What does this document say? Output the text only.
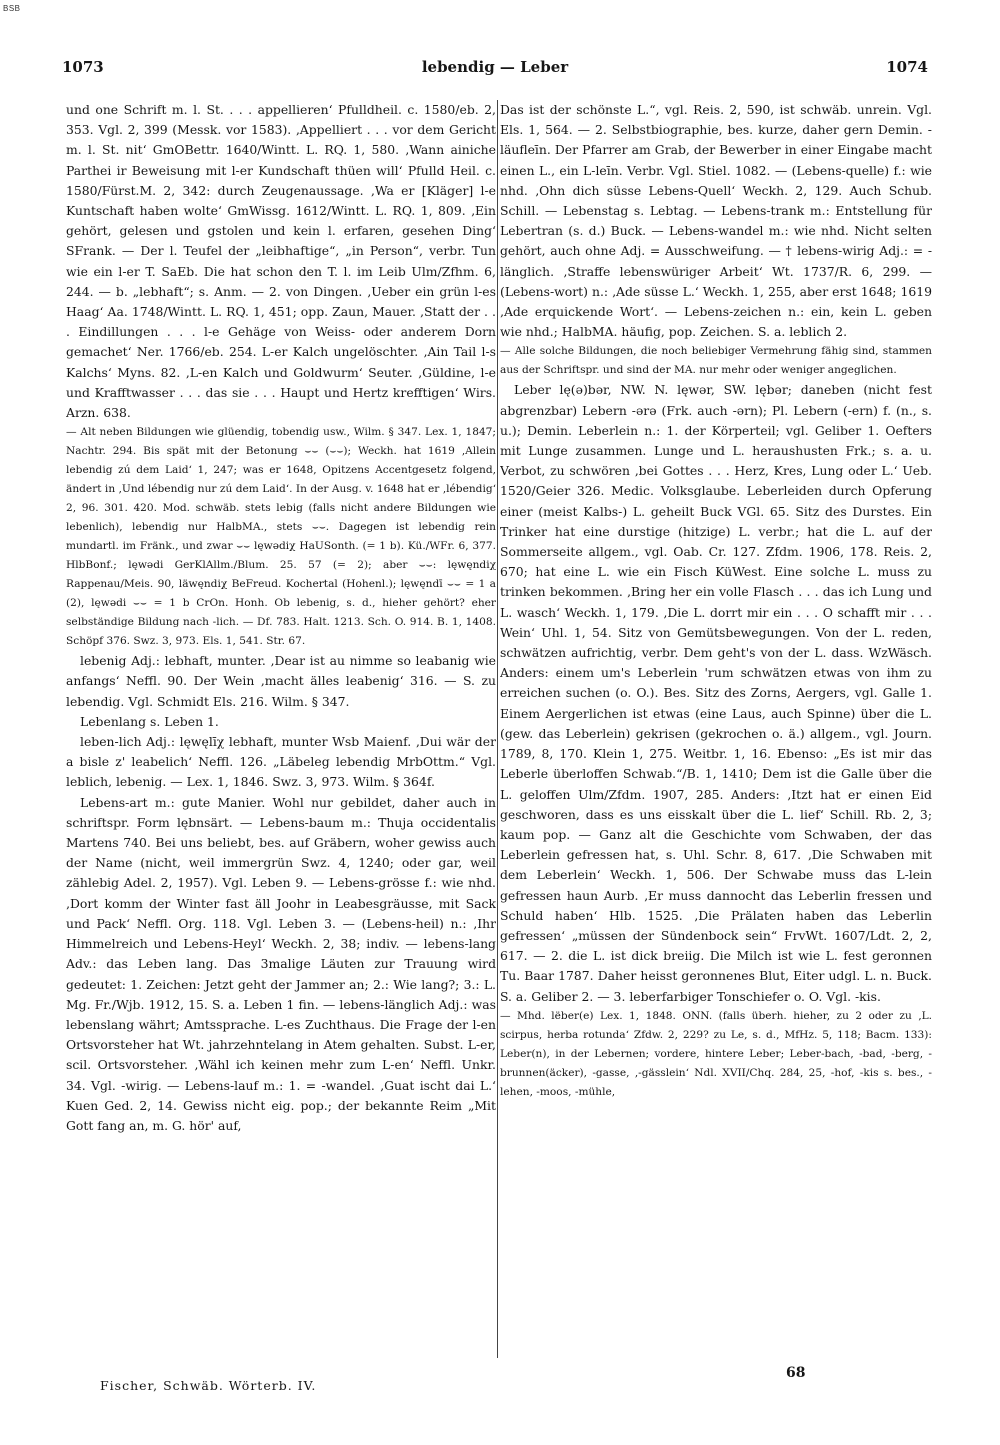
BSB
1073	lebendig — Leber	1074

und one Schrift m. l. St. . . . appellieren‘ Pfulldheil. c. 1580/eb. 2, 353. Vgl. 2, 399 (Messk. vor 1583). ‚Appelliert . . . vor dem Gericht m. l. St. nit‘ GmOBettr. 1640/Wintt. L. RQ. 1, 580. ‚Wann ainiche Parthei ir Beweisung mit l-er Kundschaft thüen will‘ Pfulld Heil. c. 1580/Fürst.M. 2, 342: durch Zeugenaussage. ‚Wa er [Kläger] l-e Kuntschaft haben wolte‘ GmWissg. 1612/Wintt. L. RQ. 1, 809. ‚Ein gehört, gelesen und gstolen und kein l. erfaren, gesehen Ding‘ SFrank. — Der l. Teufel der „leibhaftige“, „in Person“, verbr. Tun wie ein l-er T. SaEb. Die hat schon den T. l. im Leib Ulm/Zfhm. 6, 244. — b. „lebhaft“; s. Anm. — 2. von Dingen. ‚Ueber ein grün l-es Haag‘ Aa. 1748/Wintt. L. RQ. 1, 451; opp. Zaun, Mauer. ‚Statt der . . . Eindillungen . . . l-e Gehäge von Weiss- oder anderem Dorn gemachet‘ Ner. 1766/eb. 254. L-er Kalch ungelöschter. ‚Ain Tail l-s Kalchs‘ Myns. 82. ‚L-en Kalch und Goldwurm‘ Seuter. ‚Güldine, l-e und Krafftwasser . . . das sie . . . Haupt und Hertz krefftigen‘ Wirs. Arzn. 638.

— Alt neben Bildungen wie glüendig, tobendig usw., Wilm. § 347. Lex. 1, 1847; Nachtr. 294. Bis spät mit der Betonung ⌣⌣ (⌣⌣); Weckh. hat 1619 ‚Allein lebendig zú dem Laid‘ 1, 247; was er 1648, Opitzens Accentgesetz folgend, ändert in ‚Und lébendig nur zú dem Laid‘. In der Ausg. v. 1648 hat er ‚lébendig‘ 2, 96. 301. 420. Mod. schwäb. stets lebig (falls nicht andere Bildungen wie lebenlich), lebendig nur HalbMA., stets ⌣⌣. Dagegen ist lebendig rein mundartl. im Fränk., und zwar ⌣⌣ lęwədiχ HaUSonth. (= 1 b). Kü./WFr. 6, 377. HlbBonf.; lęwədi GerKlAllm./Blum. 25. 57 (= 2); aber ⌣⌣: lęwęndiχ Rappenau/Meis. 90, läwęndiχ BeFreud. Kochertal (Hohenl.); lęwęndī ⌣⌣ = 1 a (2), lęwədi ⌣⌣ = 1 b CrOn. Honh. Ob lebenig, s. d., hieher gehört? eher selbständige Bildung nach -lich. — Df. 783. Halt. 1213. Sch. O. 914. B. 1, 1408. Schöpf 376. Swz. 3, 973. Els. 1, 541. Str. 67.

lebenig Adj.: lebhaft, munter. ‚Dear ist au nimme so leabanig wie anfangs‘ Neffl. 90. Der Wein ‚macht älles leabenig‘ 316. — S. zu lebendig. Vgl. Schmidt Els. 216. Wilm. § 347.

Lebenlang s. Leben 1.

leben-lich Adj.: lęwęlīχ lebhaft, munter Wsb Maienf. ‚Dui wär der a bisle z' leabelich‘ Neffl. 126. „Läbeleg lebendig MrbOttm.“ Vgl. leblich, lebenig. — Lex. 1, 1846. Swz. 3, 973. Wilm. § 364f.

Lebens-art m.: gute Manier. Wohl nur gebildet, daher auch in schriftspr. Form lębnsärt. — Lebens-baum m.: Thuja occidentalis Martens 740. Bei uns beliebt, bes. auf Gräbern, woher gewiss auch der Name (nicht, weil immergrün Swz. 4, 1240; oder gar, weil zählebig Adel. 2, 1957). Vgl. Leben 9. — Lebens-grösse f.: wie nhd. ‚Dort komm der Winter fast äll Joohr in Leabesgräusse, mit Sack und Pack‘ Neffl. Org. 118. Vgl. Leben 3. — (Lebens-heil) n.: ‚Ihr Himmelreich und Lebens-Heyl‘ Weckh. 2, 38; indiv. — lebens-lang Adv.: das Leben lang. Das 3malige Läuten zur Trauung wird gedeutet: 1. Zeichen: Jetzt geht der Jammer an; 2.: Wie lang?; 3.: L. Mg. Fr./Wjb. 1912, 15. S. a. Leben 1 fin. — lebens-länglich Adj.: was lebenslang währt; Amtssprache. L-es Zuchthaus. Die Frage der l-en Ortsvorsteher hat Wt. jahrzehntelang in Atem gehalten. Subst. L-er, scil. Ortsvorsteher. ‚Wähl ich keinen mehr zum L-en‘ Neffl. Unkr. 34. Vgl. -wirig. — Lebens-lauf m.: 1. = -wandel. ‚Guat ischt dai L.‘ Kuen Ged. 2, 14. Gewiss nicht eig. pop.; der bekannte Reim „Mit Gott fang an, m. G. hör' auf,

Das ist der schönste L.“, vgl. Reis. 2, 590, ist schwäb. unrein. Vgl. Els. 1, 564. — 2. Selbstbiographie, bes. kurze, daher gern Demin. -läufleīn. Der Pfarrer am Grab, der Bewerber in einer Eingabe macht einen L., ein L-leīn. Verbr. Vgl. Stiel. 1082. — (Lebens-quelle) f.: wie nhd. ‚Ohn dich süsse Lebens-Quell‘ Weckh. 2, 129. Auch Schub. Schill. — Lebenstag s. Lebtag. — Lebens-trank m.: Entstellung für Lebertran (s. d.) Buck. — Lebens-wandel m.: wie nhd. Nicht selten gehört, auch ohne Adj. = Ausschweifung. — † lebens-wirig Adj.: = -länglich. ‚Straffe lebenswüriger Arbeit‘ Wt. 1737/R. 6, 299. — (Lebens-wort) n.: ‚Ade süsse L.‘ Weckh. 1, 255, aber erst 1648; 1619 ‚Ade erquickende Wort‘. — Lebens-zeichen n.: ein, kein L. geben wie nhd.; HalbMA. häufig, pop. Zeichen. S. a. leblich 2.

— Alle solche Bildungen, die noch beliebiger Vermehrung fähig sind, stammen aus der Schriftspr. und sind der MA. nur mehr oder weniger angeglichen.

Leber lę(ə)bər, NW. N. lęwər, SW. lębər; daneben (nicht fest abgrenzbar) Lebern -ərə (Frk. auch -ərn); Pl. Lebern (-ern) f. (n., s. u.); Demin. Leberlein n.: 1. der Körperteil; vgl. Geliber 1. Oefters mit Lunge zusammen. Lunge und L. heraushusten Frk.; s. a. u. Verbot, zu schwören ‚bei Gottes . . . Herz, Kres, Lung oder L.‘ Ueb. 1520/Geier 326. Medic. Volksglaube. Leberleiden durch Opferung einer (meist Kalbs-) L. geheilt Buck VGl. 65. Sitz des Durstes. Ein Trinker hat eine durstige (hitzige) L. verbr.; hat die L. auf der Sommerseite allgem., vgl. Oab. Cr. 127. Zfdm. 1906, 178. Reis. 2, 670; hat eine L. wie ein Fisch KüWest. Eine solche L. muss zu trinken bekommen. ‚Bring her ein volle Flasch . . . das ich Lung und L. wasch‘ Weckh. 1, 179. ‚Die L. dorrt mir ein . . . O schafft mir . . . Wein‘ Uhl. 1, 54. Sitz von Gemütsbewegungen. Von der L. reden, schwätzen aufrichtig, verbr. Dem geht's von der L. dass. WzWäsch. Anders: einem um's Leberlein 'rum schwätzen etwas von ihm zu erreichen suchen (o. O.). Bes. Sitz des Zorns, Aergers, vgl. Galle 1. Einem Aergerlichen ist etwas (eine Laus, auch Spinne) über die L. (gew. das Leberlein) gekrisen (gekrochen o. ä.) allgem., vgl. Journ. 1789, 8, 170. Klein 1, 275. Weitbr. 1, 16. Ebenso: „Es ist mir das Leberle überloffen Schwab.“/B. 1, 1410; Dem ist die Galle über die L. geloffen Ulm/Zfdm. 1907, 285. Anders: ‚Itzt hat er einen Eid geschworen, dass es uns eisskalt über die L. lief‘ Schill. Rb. 2, 3; kaum pop. — Ganz alt die Geschichte vom Schwaben, der das Leberlein gefressen hat, s. Uhl. Schr. 8, 617. ‚Die Schwaben mit dem Leberlein‘ Weckh. 1, 506. Der Schwabe muss das L-lein gefressen haun Aurb. ‚Er muss dannocht das Leberlin fressen und Schuld haben‘ Hlb. 1525. ‚Die Prälaten haben das Leberlin gefressen‘ „müssen der Sündenbock sein“ FrvWt. 1607/Ldt. 2, 2, 617. — 2. die L. ist dick breiig. Die Milch ist wie L. fest geronnen Tu. Baar 1787. Daher heisst geronnenes Blut, Eiter udgl. L. n. Buck. S. a. Geliber 2. — 3. leberfarbiger Tonschiefer o. O. Vgl. -kis.

— Mhd. lëber(e) Lex. 1, 1848. ONN. (falls überh. hieher, zu 2 oder zu ‚L. scirpus, herba rotunda‘ Zfdw. 2, 229? zu Le, s. d., MfHz. 5, 118; Bacm. 133): Leber(n), in der Lebernen; vordere, hintere Leber; Leber-bach, -bad, -berg, -brunnen(äcker), -gasse, ‚-gässlein‘ Ndl. XVII/Chq. 284, 25, -hof, -kis s. bes., -lehen, -moos, -mühle,

Fischer, Schwäb. Wörterb. IV.
68
